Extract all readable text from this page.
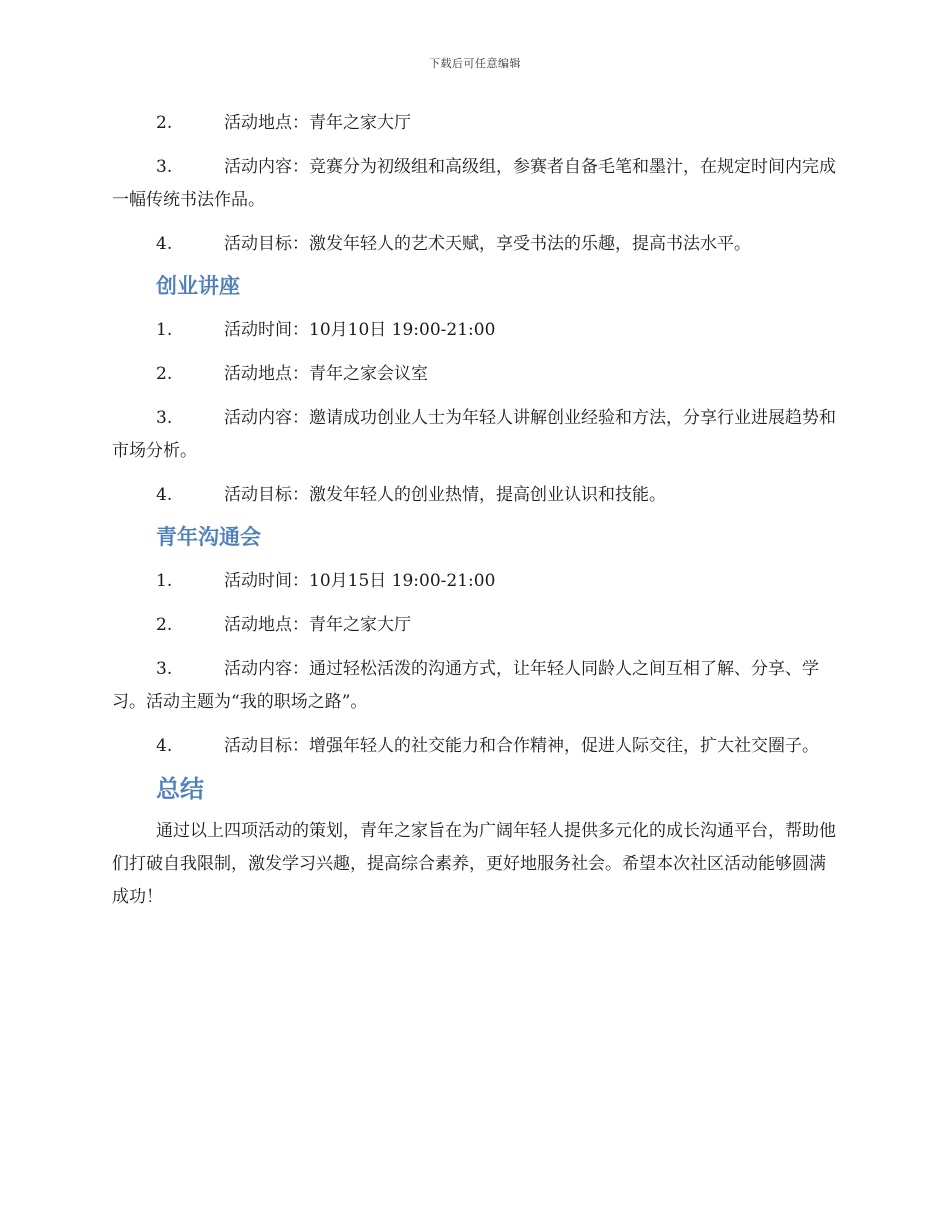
下载后可任意编辑

2.	活动地点：青年之家大厅

3.	活动内容：竞赛分为初级组和高级组，参赛者自备毛笔和墨汁，在规定时间内完成一幅传统书法作品。

4.	活动目标：激发年轻人的艺术天赋，享受书法的乐趣，提高书法水平。

创业讲座

1.	活动时间：10月10日 19:00-21:00

2.	活动地点：青年之家会议室

3.	活动内容：邀请成功创业人士为年轻人讲解创业经验和方法，分享行业进展趋势和市场分析。

4.	活动目标：激发年轻人的创业热情，提高创业认识和技能。

青年沟通会

1.	活动时间：10月15日 19:00-21:00

2.	活动地点：青年之家大厅

3.	活动内容：通过轻松活泼的沟通方式，让年轻人同龄人之间互相了解、分享、学习。活动主题为“我的职场之路”。

4.	活动目标：增强年轻人的社交能力和合作精神，促进人际交往，扩大社交圈子。

总结

通过以上四项活动的策划，青年之家旨在为广阔年轻人提供多元化的成长沟通平台，帮助他们打破自我限制，激发学习兴趣，提高综合素养，更好地服务社会。希望本次社区活动能够圆满成功！
